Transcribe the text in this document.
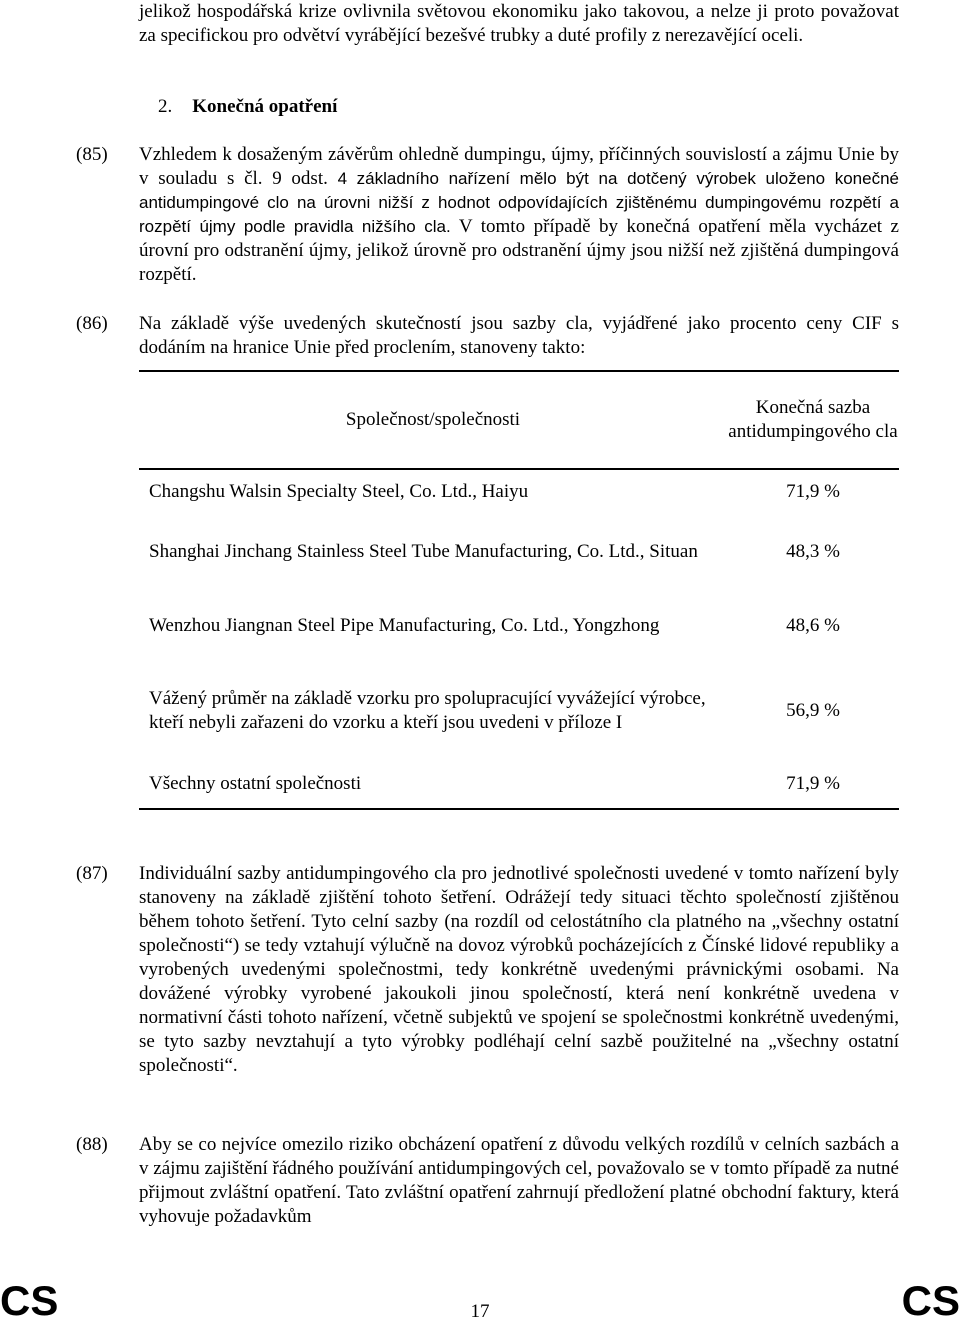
jelikož hospodářská krize ovlivnila světovou ekonomiku jako takovou, a nelze ji proto považovat za specifickou pro odvětví vyrábějící bezešvé trubky a duté profily z nerezavějící oceli.

2. Konečná opatření
(85) Vzhledem k dosaženým závěrům ohledně dumpingu, újmy, příčinných souvislostí a zájmu Unie by v souladu s čl. 9 odst. 4 základního nařízení mělo být na dotčený výrobek uloženo konečné antidumpingové clo na úrovni nižší z hodnot odpovídajících zjištěnému dumpingovému rozpětí a rozpětí újmy podle pravidla nižšího cla. V tomto případě by konečná opatření měla vycházet z úrovní pro odstranění újmy, jelikož úrovně pro odstranění újmy jsou nižší než zjištěná dumpingová rozpětí.

(86) Na základě výše uvedených skutečností jsou sazby cla, vyjádřené jako procento ceny CIF s dodáním na hranice Unie před proclením, stanoveny takto:

Společnost/společnosti	Konečná sazba antidumpingového cla
Changshu Walsin Specialty Steel, Co. Ltd., Haiyu	71,9 %
Shanghai Jinchang Stainless Steel Tube Manufacturing, Co. Ltd., Situan	48,3 %
Wenzhou Jiangnan Steel Pipe Manufacturing, Co. Ltd., Yongzhong	48,6 %
Vážený průměr na základě vzorku pro spolupracující vyvážející výrobce, kteří nebyli zařazeni do vzorku a kteří jsou uvedeni v příloze I	56,9 %
Všechny ostatní společnosti	71,9 %
(87) Individuální sazby antidumpingového cla pro jednotlivé společnosti uvedené v tomto nařízení byly stanoveny na základě zjištění tohoto šetření. Odrážejí tedy situaci těchto společností zjištěnou během tohoto šetření. Tyto celní sazby (na rozdíl od celostátního cla platného na „všechny ostatní společnosti“) se tedy vztahují výlučně na dovoz výrobků pocházejících z Čínské lidové republiky a vyrobených uvedenými společnostmi, tedy konkrétně uvedenými právnickými osobami. Na dovážené výrobky vyrobené jakoukoli jinou společností, která není konkrétně uvedena v normativní části tohoto nařízení, včetně subjektů ve spojení se společnostmi konkrétně uvedenými, se tyto sazby nevztahují a tyto výrobky podléhají celní sazbě použitelné na „všechny ostatní společnosti“.

(88) Aby se co nejvíce omezilo riziko obcházení opatření z důvodu velkých rozdílů v celních sazbách a v zájmu zajištění řádného používání antidumpingových cel, považovalo se v tomto případě za nutné přijmout zvláštní opatření. Tato zvláštní opatření zahrnují předložení platné obchodní faktury, která vyhovuje požadavkům

17
CS	CS
